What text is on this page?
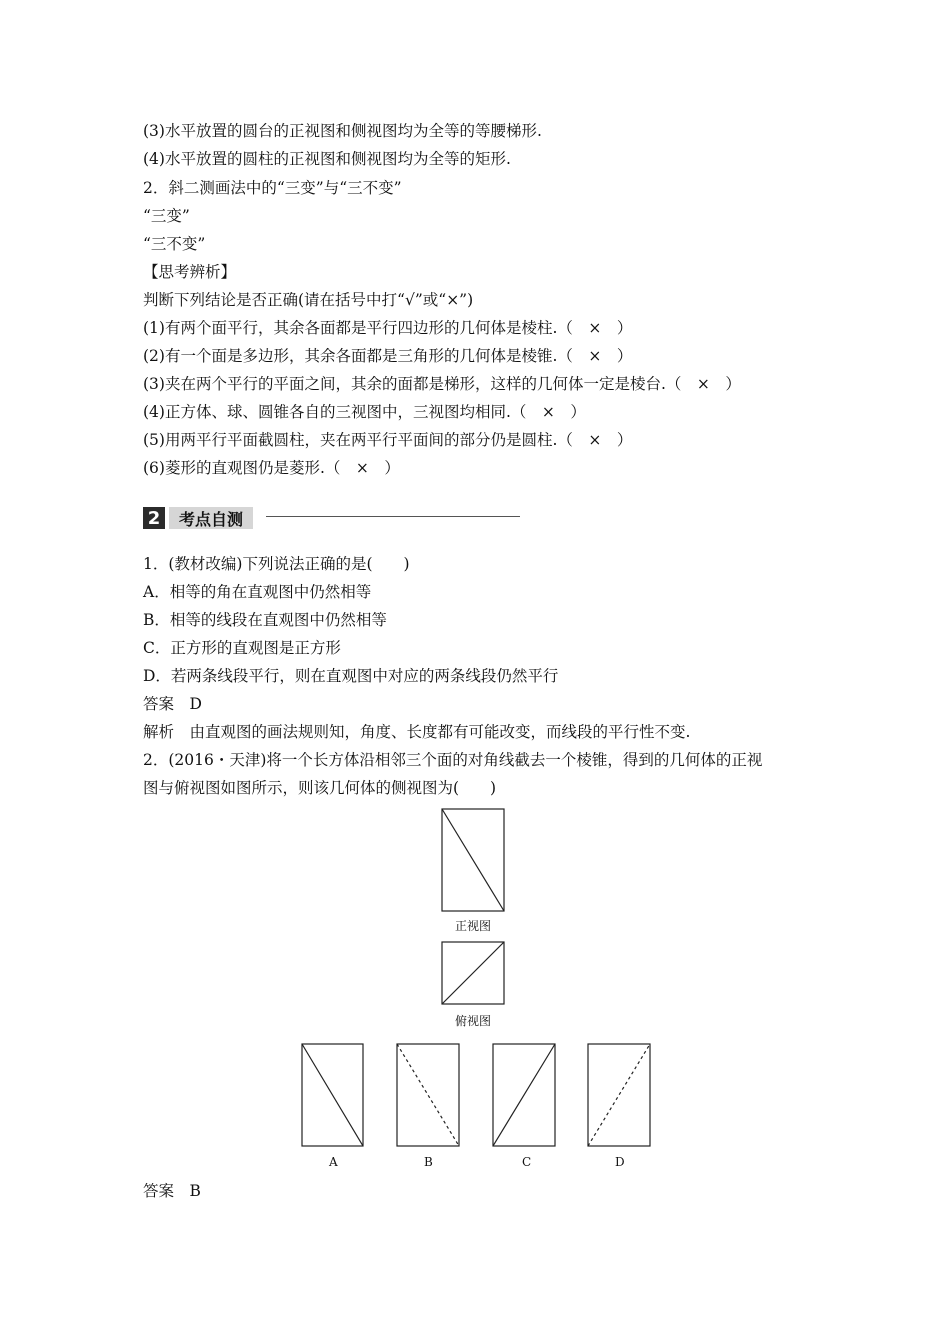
(3)水平放置的圆台的正视图和侧视图均为全等的等腰梯形.
(4)水平放置的圆柱的正视图和侧视图均为全等的矩形.
2．斜二测画法中的“三变”与“三不变”
“三变”
“三不变”
【思考辨析】
判断下列结论是否正确(请在括号中打“√”或“×”)
(1)有两个面平行，其余各面都是平行四边形的几何体是棱柱.（　×　）
(2)有一个面是多边形，其余各面都是三角形的几何体是棱锥.（　×　）
(3)夹在两个平行的平面之间，其余的面都是梯形，这样的几何体一定是棱台.（　×　）
(4)正方体、球、圆锥各自的三视图中，三视图均相同.（　×　）
(5)用两平行平面截圆柱，夹在两平行平面间的部分仍是圆柱.（　×　）
(6)菱形的直观图仍是菱形.（　×　）
2	考点自测
1．(教材改编)下列说法正确的是(　　)
A．相等的角在直观图中仍然相等
B．相等的线段在直观图中仍然相等
C．正方形的直观图是正方形
D．若两条线段平行，则在直观图中对应的两条线段仍然平行
答案　D
解析　由直观图的画法规则知，角度、长度都有可能改变，而线段的平行性不变.
2．(2016・天津)将一个长方体沿相邻三个面的对角线截去一个棱锥，得到的几何体的正视
图与俯视图如图所示，则该几何体的侧视图为(　　)
正视图
俯视图
A	B	C	D
答案　B
